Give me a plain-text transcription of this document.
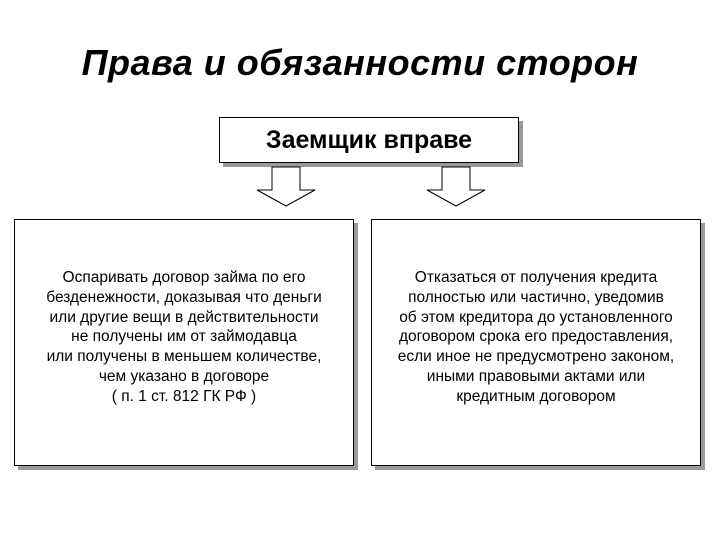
Права и обязанности сторон
Заемщик вправе
Оспаривать договор займа по его
безденежности, доказывая что деньги
или другие вещи в действительности
не получены им от займодавца
или получены в меньшем количестве,
чем указано в договоре
( п. 1 ст. 812 ГК РФ )
Отказаться от получения кредита
полностью или частично, уведомив
об этом кредитора до установленного
договором срока его предоставления,
если иное не предусмотрено законом,
иными правовыми актами или
кредитным договором
